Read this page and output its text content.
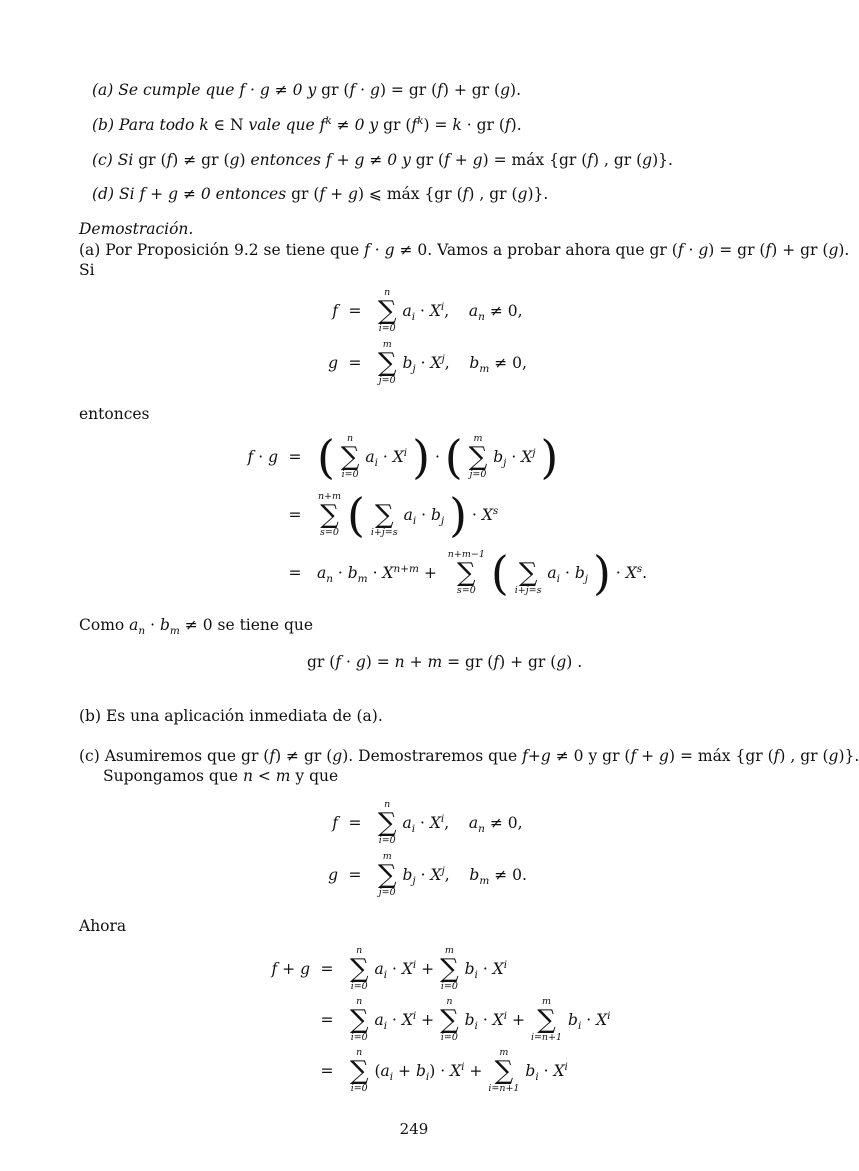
(a) Se cumple que f · g ≠ 0 y gr (f · g) = gr (f) + gr (g).
(b) Para todo k ∈ N vale que $f^k \ne 0$ y gr $(f^k) = k$ · gr (f).
(c) Si gr (f) ≠ gr (g) entonces f + g ≠ 0 y gr (f + g) = máx {gr (f) , gr (g)}.
(d) Si f + g ≠ 0 entonces gr (f + g) ⩽ máx {gr (f) , gr (g)}.
Demostración.
(a) Por Proposición 9.2 se tiene que f · g ≠ 0. Vamos a probar ahora que gr (f · g) = gr (f) + gr (g).
Si
f =
n
∑
i=0
$a_i \cdot X^i$,    $a_n \ne 0$,
g =
m
∑
j=0
$b_j \cdot X^j$,    $b_m \ne 0$,
entonces
f · g = (	n
∑
i=0
$a_i \cdot X^i$ ) · (	m
∑
j=0
$b_j \cdot X^j$ )
=
n+m
∑
s=0 (
∑
i+j=s
$a_i \cdot b_j$ ) · $X^s$
= $a_n \cdot b_m \cdot X^{n+m}$ +
n+m−1
∑
s=0 (
∑
i+j=s
$a_i \cdot b_j$ ) · $X^s$.
Como $a_n \cdot b_m \ne 0$ se tiene que
gr (f · g) = n + m = gr (f) + gr (g) .
(b) Es una aplicación inmediata de (a).
(c) Asumiremos que gr (f) ≠ gr (g). Demostraremos que f+g ≠ 0 y gr (f + g) = máx {gr (f) , gr (g)}.
Supongamos que n < m y que
f =
n
∑
i=0
$a_i \cdot X^i$,    $a_n \ne 0$,
g =
m
∑
j=0
$b_j \cdot X^j$,    $b_m \ne 0$.
Ahora
f + g =
n
∑
i=0
$a_i \cdot X^i$ +
m
∑
i=0
$b_i \cdot X^i$
=
n
∑
i=0
$a_i \cdot X^i$ +
n
∑
i=0
$b_i \cdot X^i$ +
m
∑
i=n+1
$b_i \cdot X^i$
=
n
∑
i=0
$(a_i + b_i) \cdot X^i$ +
m
∑
i=n+1
$b_i \cdot X^i$
249
